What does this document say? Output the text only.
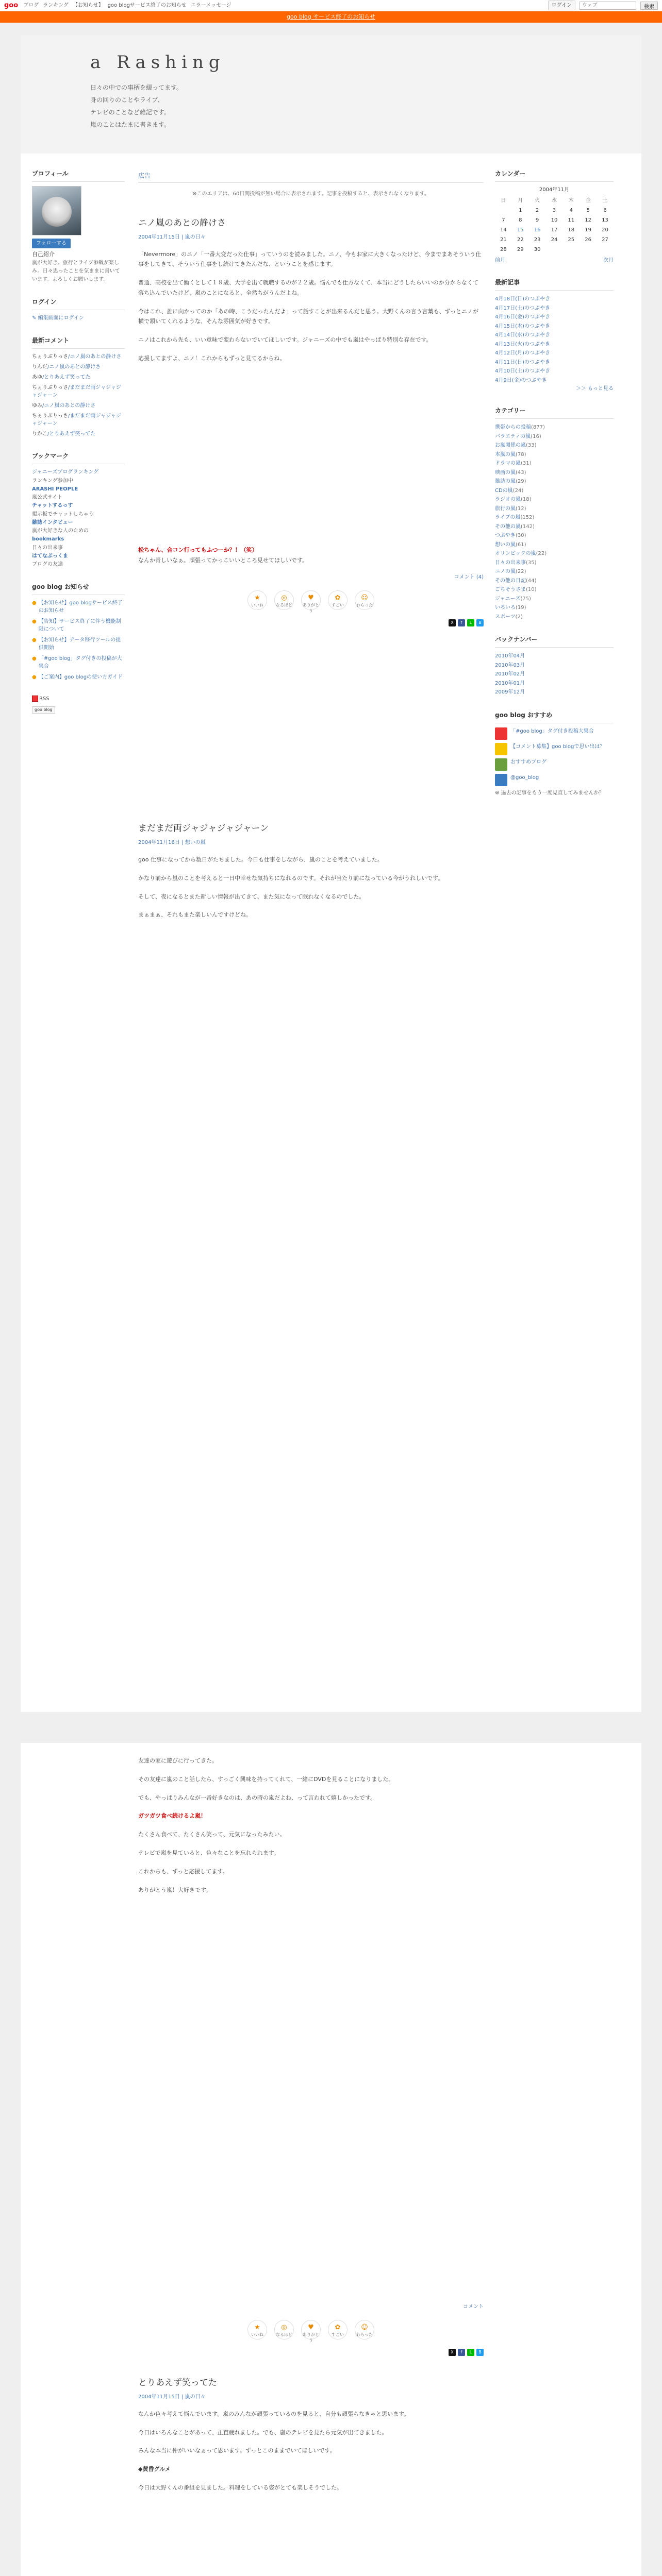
goo ブログ ランキング 【お知らせ】 goo blogサービス終了のお知らせ エラーメッセージ	ログイン
ウェブ	検索
goo blog サービス終了のお知らせ
a Rashing
日々の中での事柄を綴ってます。
身の回りのことやライブ、
テレビのことなど雑記です。
嵐のことはたまに書きます。
プロフィール
フォローする
自己紹介
嵐が大好き。旅行とライブ参戦が楽しみ。日々思ったことを気ままに書いています。よろしくお願いします。
ログイン
✎ 編集画面にログイン
最新コメント
ちぇりぶりっさ/ニノ嵐のあとの静けさ
りんだ/ニノ嵐のあとの静けさ
あゆ/とりあえず笑ってた
ちぇりぶりっさ/まだまだ両ジャジャジャジャーン
ゆみ/ニノ嵐のあとの静けさ
ちぇりぶりっさ/まだまだ両ジャジャジャジャーン
りかこ/とりあえず笑ってた
ブックマーク
ジャニーズブログランキング
ランキング参加中
ARASHI PEOPLE
嵐公式サイト
チャットするっす
掲示板でチャットしちゃう
雑誌インタビュー
嵐が大好きな人のための
bookmarks
日々の出来事
はてなぶっくま
ブログの友達
goo blog お知らせ
● 【お知らせ】goo blogサービス終了のお知らせ
● 【告知】サービス終了に伴う機能制限について
● 【お知らせ】データ移行ツールの提供開始
● 「#goo blog」タグ付きの投稿が大集合
● 【ご案内】goo blogの使い方ガイド
RSS
goo blog
広告
※このエリアは、60日間投稿が無い場合に表示されます。記事を投稿すると、表示されなくなります。
ニノ嵐のあとの静けさ
2004年11月15日 | 嵐の日々

「Nevermore」のニノ「一番大変だった仕事」っていうのを読みました。ニノ、今もお家に大きくなったけど、今までまあそういう仕事をしてきて、そういう仕事をし続けてきたんだな、ということを感じます。

普通、高校を出て働くとして１８歳、大学を出て就職するのが２２歳。悩んでも仕方なくて、本当にどうしたらいいのか分からなくて落ち込んでいたけど、嵐のことになると、全然ちがうんだよね。

今はこれ、誰に向かってのか「あの時、こうだったんだよ」って話すことが出来るんだと思う。大野くんの言う言葉も、ずっとニノが横で頷いてくれるような、そんな雰囲気が好きです。

ニノはこれから先も、いい意味で変わらないでいてほしいです。ジャニーズの中でも嵐はやっぱり特別な存在です。

応援してますよ、ニノ！これからもずっと見てるからね。

松ちゃん、合コン行ってもふつーか？！（笑）
なんか青しいなぁ。頑張ってかっこいいところ見せてほしいです。

コメント (4)
★
いいね
◎
なるほど
♥
ありがとう
✿
すごい
☺
わらった
X	f	L	B
まだまだ両ジャジャジャジャーン
2004年11月16日 | 想いの嵐

goo 仕事になってから数日がたちました。今日も仕事をしながら、嵐のことを考えていました。

かなり前から嵐のことを考えると一日中幸せな気持ちになれるのです。それが当たり前になっている今がうれしいです。

そして、夜になるとまた新しい情報が出てきて、また気になって眠れなくなるのでした。

まぁまぁ、それもまた楽しいんですけどね。

友達の家に遊びに行ってきた。

その友達に嵐のこと話したら、すっごく興味を持ってくれて、一緒にDVDを見ることになりました。

でも、やっぱりみんなが一番好きなのは、あの時の嵐だよね、って言われて嬉しかったです。

ガツガツ食べ続けるよ嵐！

たくさん食べて、たくさん笑って、元気になったみたい。

テレビで嵐を見ていると、色々なことを忘れられます。

これからも、ずっと応援してます。

ありがとう嵐！大好きです。

コメント
★
いいね
◎
なるほど
♥
ありがとう
✿
すごい
☺
わらった
X	f	L	B
とりあえず笑ってた
2004年11月15日 | 嵐の日々

なんか色々考えて悩んでいます。嵐のみんなが頑張っているのを見ると、自分も頑張らなきゃと思います。

今日はいろんなことがあって、正直疲れました。でも、嵐のテレビを見たら元気が出てきました。

みんな本当に仲がいいなぁって思います。ずっとこのままでいてほしいです。

◆黄昏グルメ

今日は大野くんの番組を見ました。料理をしている姿がとても楽しそうでした。

カレンダー
2004年11月
日	月	火	水	木	金	土
	1	2	3	4	5	6
7	8	9	10	11	12	13
14	15	16	17	18	19	20
21	22	23	24	25	26	27
28	29	30				
前月	次月
最新記事
4月18日(日)のつぶやき
4月17日(土)のつぶやき
4月16日(金)のつぶやき
4月15日(木)のつぶやき
4月14日(水)のつぶやき
4月13日(火)のつぶやき
4月12日(月)のつぶやき
4月11日(日)のつぶやき
4月10日(土)のつぶやき
4月9日(金)のつぶやき
＞＞ もっと見る
カテゴリー
携帯からの投稿(877)
バラエティの嵐(16)
お嵐関係の嵐(33)
本嵐の嵐(78)
ドラマの嵐(31)
映画の嵐(43)
雑誌の嵐(29)
CDの嵐(24)
ラジオの嵐(18)
旅行の嵐(12)
ライブの嵐(152)
その他の嵐(142)
つぶやき(30)
想いの嵐(61)
オリンピックの嵐(22)
日々の出来事(35)
ニノの嵐(22)
その他の日記(44)
ごちそうさま(10)
ジャニーズ(75)
いろいろ(19)
スポーツ(2)
バックナンバー
2010年04月
2010年03月
2010年02月
2010年01月
2009年12月
goo blog おすすめ
「#goo blog」タグ付き投稿大集合
【コメント募集】goo blogで思い出は？
おすすめブログ
@goo_blog
※ 過去の記事をもう一度見直してみませんか？
